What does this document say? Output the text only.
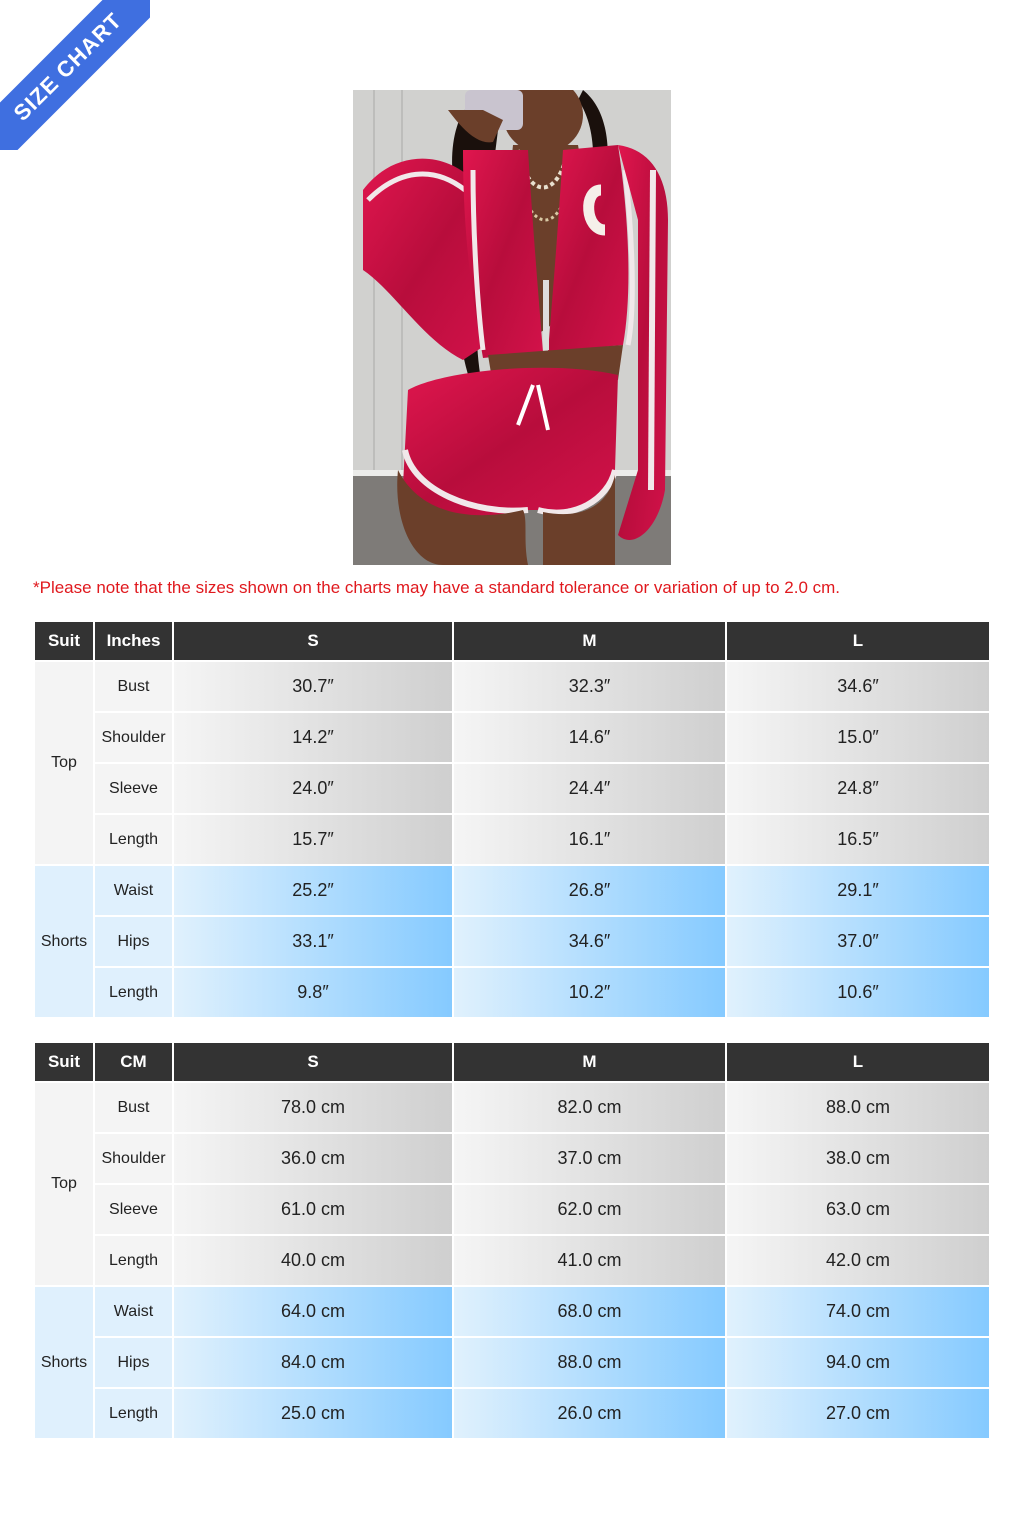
SIZE CHART
*Please note that the sizes shown on the charts may have a standard tolerance or variation of up to 2.0 cm.
Suit	Inches	S	M	L
Top	Bust	30.7″	32.3″	34.6″
	Shoulder	14.2″	14.6″	15.0″
	Sleeve	24.0″	24.4″	24.8″
	Length	15.7″	16.1″	16.5″
Shorts	Waist	25.2″	26.8″	29.1″
	Hips	33.1″	34.6″	37.0″
	Length	9.8″	10.2″	10.6″
Suit	CM	S	M	L
Top	Bust	78.0 cm	82.0 cm	88.0 cm
	Shoulder	36.0 cm	37.0 cm	38.0 cm
	Sleeve	61.0 cm	62.0 cm	63.0 cm
	Length	40.0 cm	41.0 cm	42.0 cm
Shorts	Waist	64.0 cm	68.0 cm	74.0 cm
	Hips	84.0 cm	88.0 cm	94.0 cm
	Length	25.0 cm	26.0 cm	27.0 cm
